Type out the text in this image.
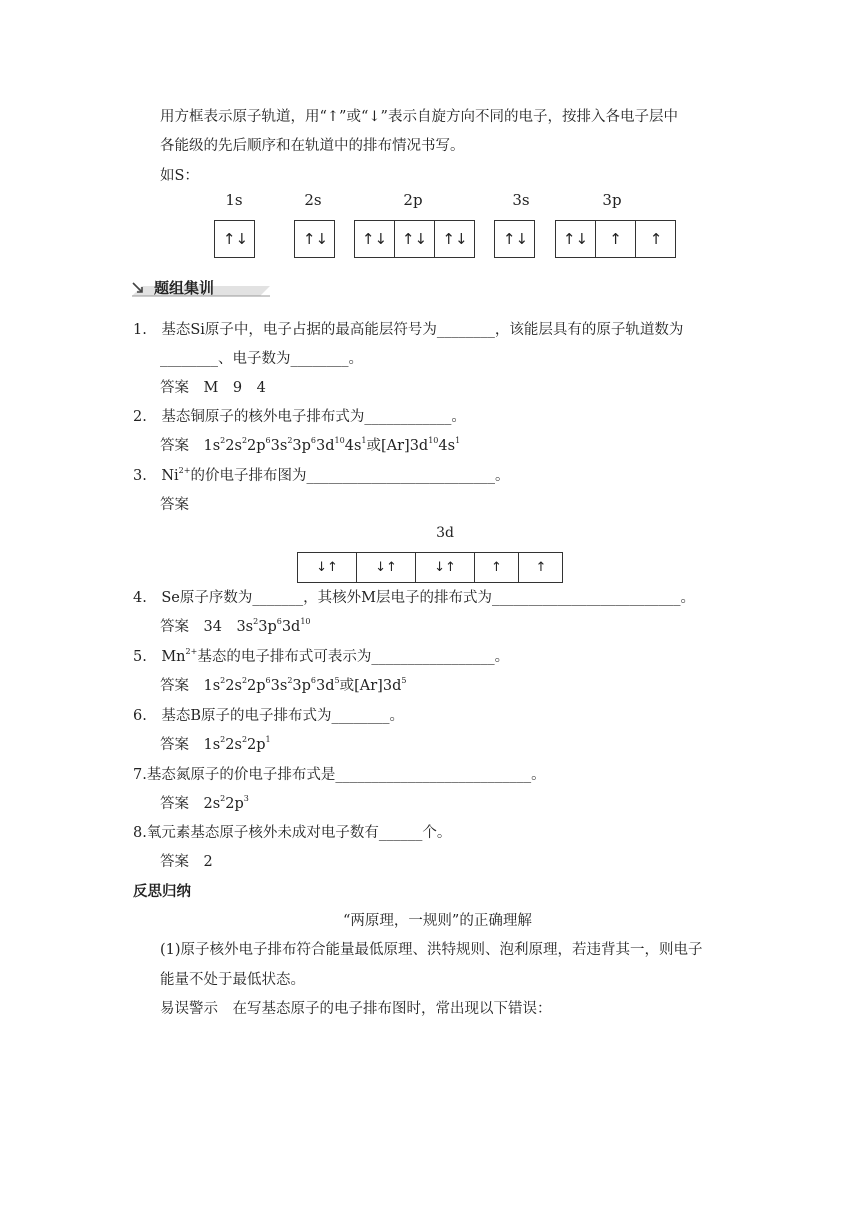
用方框表示原子轨道，用“↑”或“↓”表示自旋方向不同的电子，按排入各电子层中
各能级的先后顺序和在轨道中的排布情况书写。
如S：
1s	2s	2p	3s	3p
↑↓	↑↓	↑↓ ↑↓	↑↓	↑↓	↑↓	↑	↑
题组集训
1.　基态Si原子中，电子占据的最高能层符号为________，该能层具有的原子轨道数为
________、电子数为________。
答案　M　9　4
2.　基态铜原子的核外电子排布式为____________。
答案　$1s^22s^22p^63s^23p^63d^{10}4s^1$或$[Ar]3d^{10}4s^1$
3.　$Ni^{2+}$的价电子排布图为__________________________。
答案
3d
↓↑	↓↑	↓↑	↑	↑
4.　Se原子序数为_______，其核外M层电子的排布式为__________________________。
答案　34　$3s^23p^63d^{10}$
5.　$Mn^{2+}$基态的电子排布式可表示为_________________。
答案　$1s^22s^22p^63s^23p^63d^5$或$[Ar]3d^5$
6.　基态B原子的电子排布式为________。
答案　$1s^22s^22p^1$
7.基态氮原子的价电子排布式是___________________________。
答案　$2s^22p^3$
8.氧元素基态原子核外未成对电子数有______个。
答案　2
反思归纳
“两原理，一规则”的正确理解
(1)原子核外电子排布符合能量最低原理、洪特规则、泡利原理，若违背其一，则电子
能量不处于最低状态。
易误警示　在写基态原子的电子排布图时，常出现以下错误：
